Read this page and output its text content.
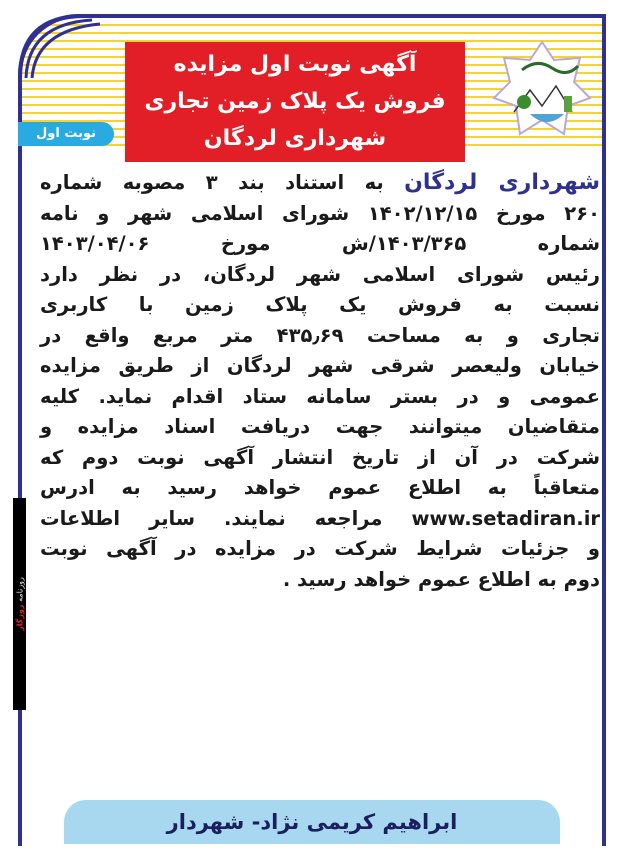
آگهی نوبت اول مزایده
فروش یک پلاک زمین تجاری
شهرداری لردگان
نوبت اول
شهرداری لردگان به استناد بند ۳ مصوبه شماره
۲۶۰ مورخ ۱۴۰۲/۱۲/۱۵ شورای اسلامی شهر و نامه
شماره ۱۴۰۳/۳۶۵/ش مورخ ۱۴۰۳/۰۴/۰۶
رئیس شورای اسلامی شهر لردگان، در نظر دارد
نسبت به فروش یک پلاک زمین با کاربری
تجاری و به مساحت ۴۳۵٫۶۹ متر مربع واقع در
خیابان ولیعصر شرقی شهر لردگان از طریق مزایده
عمومی و در بستر سامانه ستاد اقدام نماید. کلیه
متقاضیان میتوانند جهت دریافت اسناد مزایده و
شرکت در آن از تاریخ انتشار آگهی نوبت دوم که
متعاقباً به اطلاع عموم خواهد رسید به ادرس
www.setadiran.ir مراجعه نمایند. سایر اطلاعات
و جزئیات شرایط شرکت در مزایده در آگهی نوبت
دوم به اطلاع عموم خواهد رسید .
روزنامه روزگار
ابراهیم کریمی نژاد- شهردار
